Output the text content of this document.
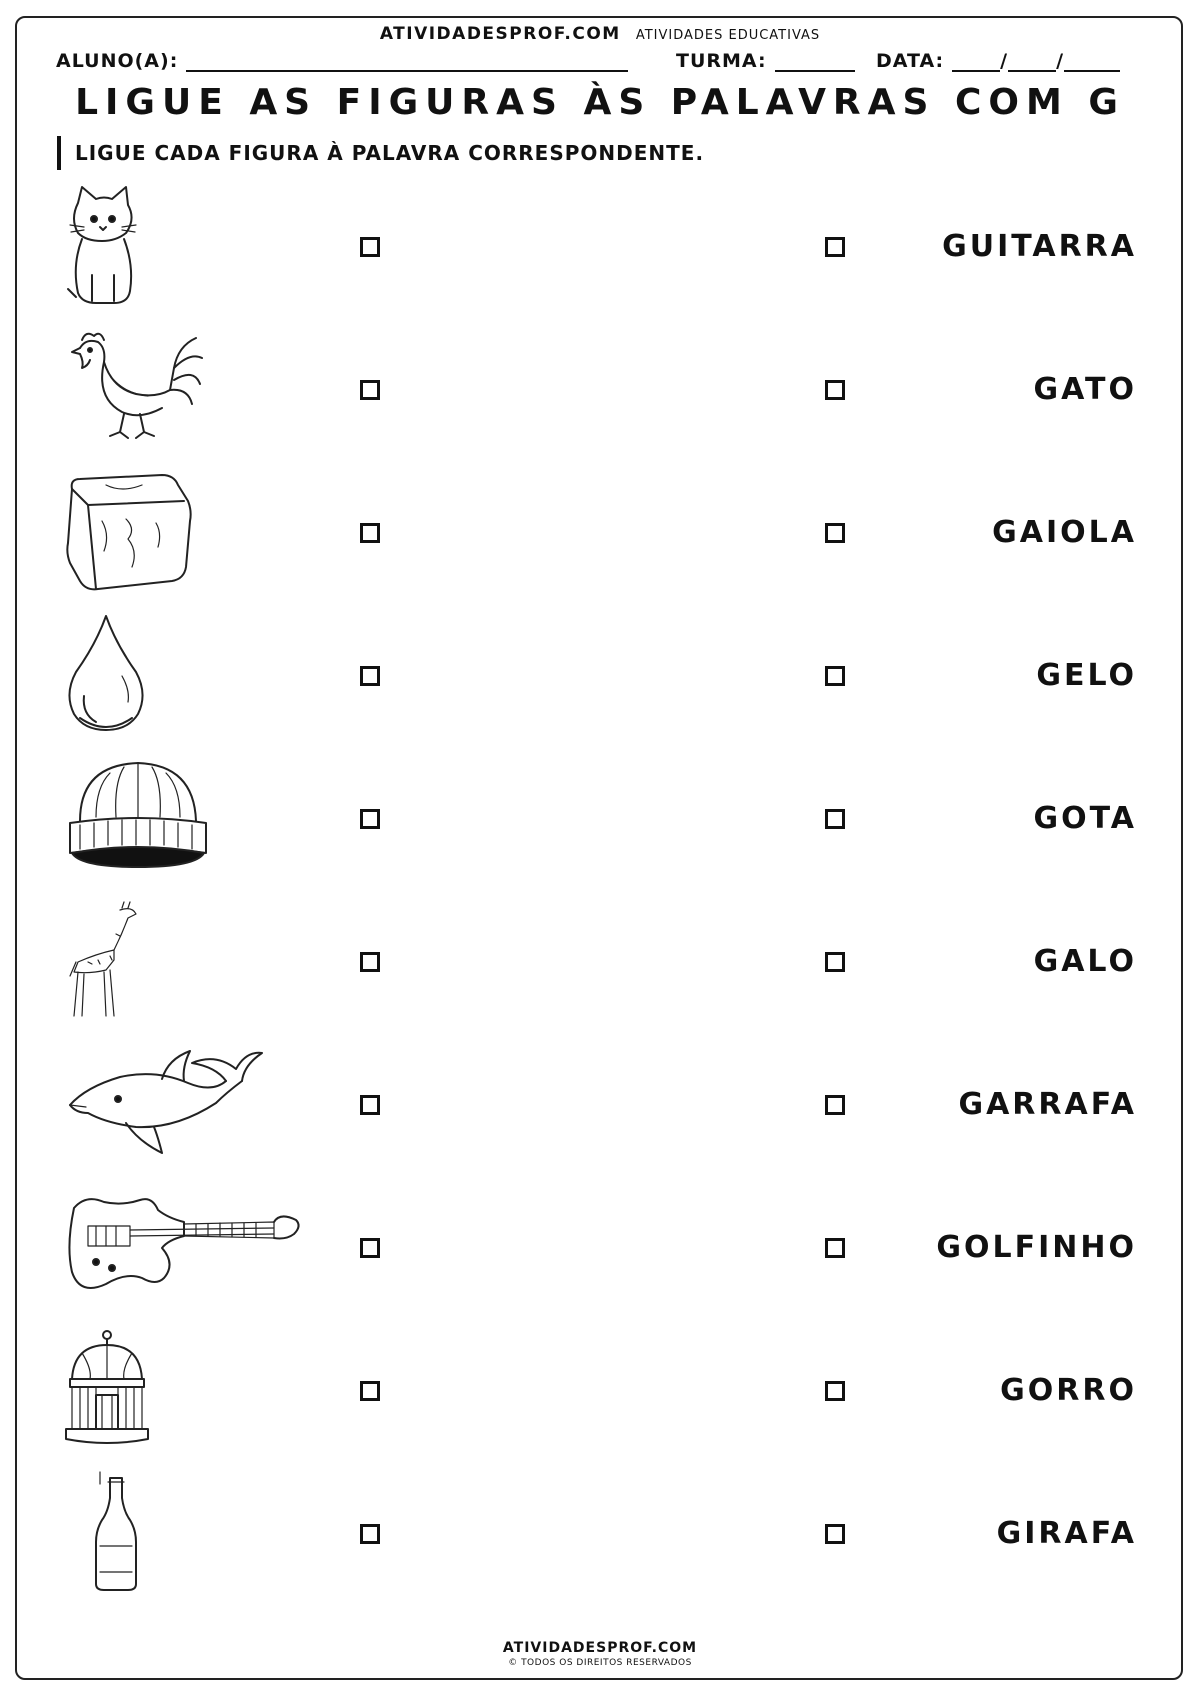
ATIVIDADESPROF.COM ATIVIDADES EDUCATIVAS
ALUNO(A):	TURMA:	DATA:	/	/
LIGUE AS FIGURAS ÀS PALAVRAS COM G
LIGUE CADA FIGURA À PALAVRA CORRESPONDENTE.
GUITARRA
GATO
GAIOLA
GELO
GOTA
GALO
GARRAFA
GOLFINHO
GORRO
GIRAFA
ATIVIDADESPROF.COM
© TODOS OS DIREITOS RESERVADOS
